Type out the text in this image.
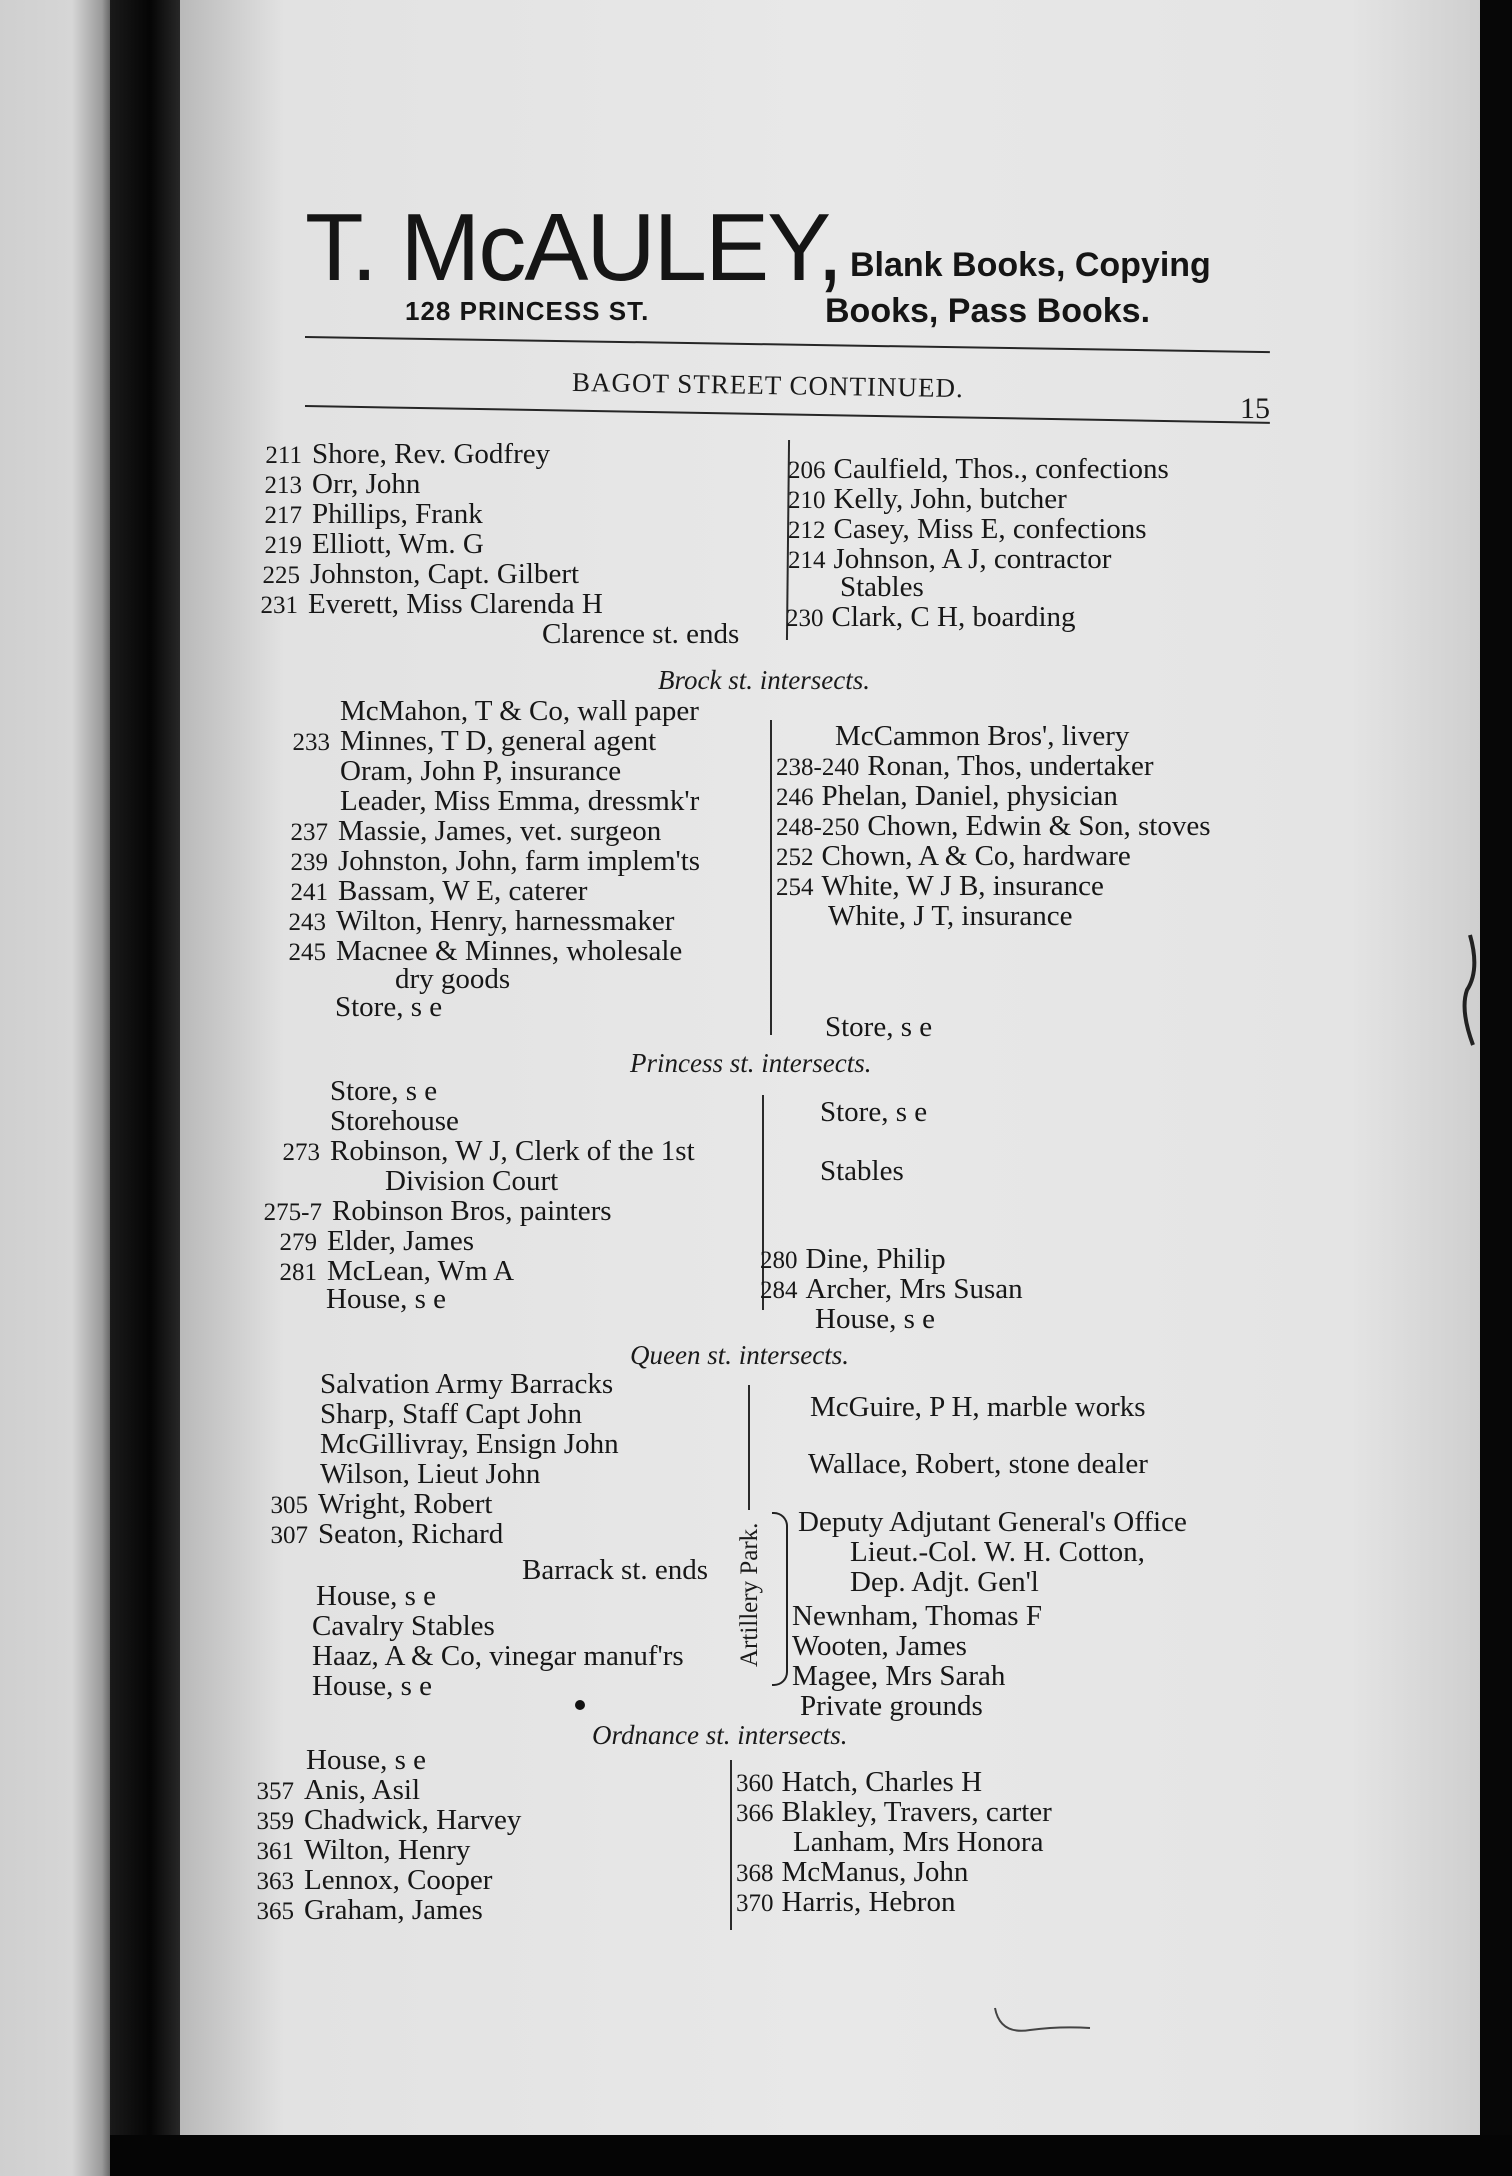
T. McAULEY,
128 PRINCESS ST.
Blank Books, Copying
Books, Pass Books.
BAGOT STREET CONTINUED.
15
211 Shore, Rev. Godfrey
213 Orr, John
217 Phillips, Frank
219 Elliott, Wm. G
225 Johnston, Capt. Gilbert
231 Everett, Miss Clarenda H
Clarence st. ends
206 Caulfield, Thos., confections
210 Kelly, John, butcher
212 Casey, Miss E, confections
214 Johnson, A J, contractor
Stables
230 Clark, C H, boarding
Brock st. intersects.
McMahon, T & Co, wall paper
233 Minnes, T D, general agent
Oram, John P, insurance
Leader, Miss Emma, dressmk'r
237 Massie, James, vet. surgeon
239 Johnston, John, farm implem'ts
241 Bassam, W E, caterer
243 Wilton, Henry, harnessmaker
245 Macnee & Minnes, wholesale
dry goods
Store, s e
McCammon Bros', livery
238-240 Ronan, Thos, undertaker
246 Phelan, Daniel, physician
248-250 Chown, Edwin & Son, stoves
252 Chown, A & Co, hardware
254 White, W J B, insurance
White, J T, insurance
Store, s e
Princess st. intersects.
Store, s e
Storehouse
273 Robinson, W J, Clerk of the 1st
Division Court
275-7 Robinson Bros, painters
279 Elder, James
281 McLean, Wm A
House, s e
Store, s e
Stables
280 Dine, Philip
284 Archer, Mrs Susan
House, s e
Queen st. intersects.
Salvation Army Barracks
Sharp, Staff Capt John
McGillivray, Ensign John
Wilson, Lieut John
305 Wright, Robert
307 Seaton, Richard
Barrack st. ends
House, s e
Cavalry Stables
Haaz, A & Co, vinegar manuf'rs
House, s e
Artillery Park.
McGuire, P H, marble works
Wallace, Robert, stone dealer
Deputy Adjutant General's Office
Lieut.-Col. W. H. Cotton,
Dep. Adjt. Gen'l
Newnham, Thomas F
Wooten, James
Magee, Mrs Sarah
Private grounds
Ordnance st. intersects.
House, s e
357 Anis, Asil
359 Chadwick, Harvey
361 Wilton, Henry
363 Lennox, Cooper
365 Graham, James
360 Hatch, Charles H
366 Blakley, Travers, carter
Lanham, Mrs Honora
368 McManus, John
370 Harris, Hebron
